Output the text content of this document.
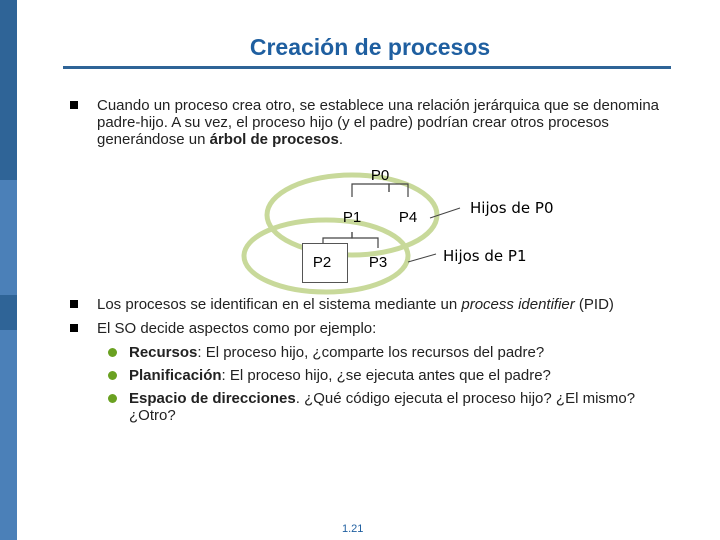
Creación de procesos
Cuando un proceso crea otro, se establece una relación jerárquica que se denomina padre-hijo. A su vez, el proceso hijo (y el padre) podrían crear otros procesos generándose un árbol de procesos.
P0
P1	P4
P2	P3
Hijos de P0
Hijos de P1
Los procesos se identifican en el sistema mediante un process identifier (PID)
El SO decide aspectos como por ejemplo:
Recursos: El proceso hijo, ¿comparte los recursos del padre?
Planificación: El proceso hijo, ¿se ejecuta antes que el padre?
Espacio de direcciones. ¿Qué código ejecuta el proceso hijo? ¿El mismo?¿Otro?
1.21
